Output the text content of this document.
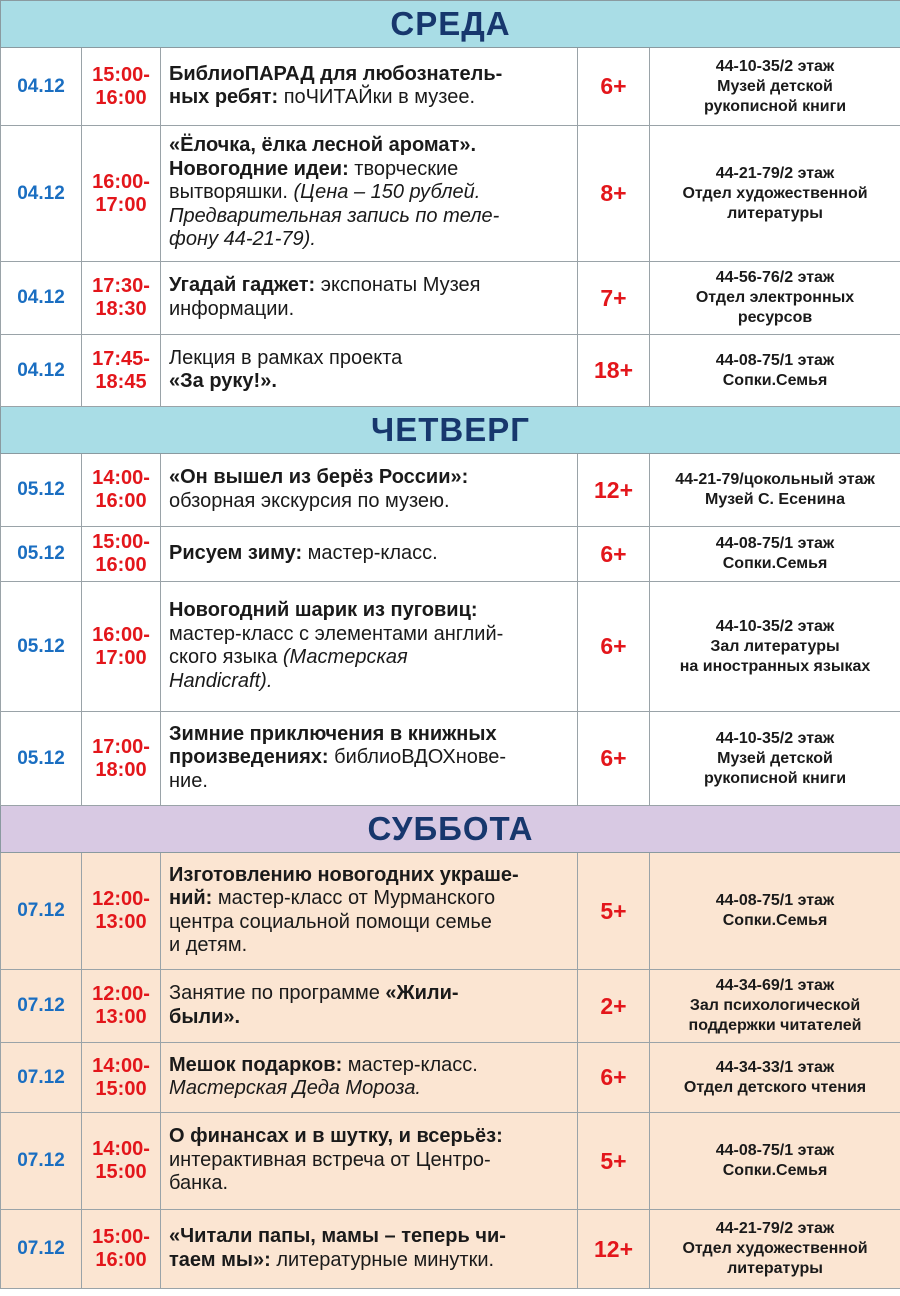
СРЕДА				
04.12	15:00-
16:00	БиблиоПАРАД для любознатель-
ных ребят: поЧИТАЙки в музее.	6+	44-10-35/2 этаж
Музей детской
рукописной книги

04.12	16:00-
17:00	«Ёлочка, ёлка лесной аромат».
Новогодние идеи: творческие
вытворяшки. (Цена – 150 рублей.
Предварительная запись по теле-
фону 44-21-79).	8+	44-21-79/2 этаж
Отдел художественной
литературы

04.12	17:30-
18:30	Угадай гаджет: экспонаты Музея
информации.	7+	44-56-76/2 этаж
Отдел электронных
ресурсов

04.12	17:45-
18:45	Лекция в рамках проекта
«За руку!».	18+	44-08-75/1 этаж
Сопки.Семья

ЧЕТВЕРГ				
05.12	14:00-
16:00	«Он вышел из берёз России»:
обзорная экскурсия по музею.	12+	44-21-79/цокольный этаж
Музей С. Есенина

05.12	15:00-
16:00	Рисуем зиму: мастер-класс.	6+	44-08-75/1 этаж
Сопки.Семья

05.12	16:00-
17:00	Новогодний шарик из пуговиц:
мастер-класс с элементами англий-
ского языка (Мастерская
Handicraft).	6+	44-10-35/2 этаж
Зал литературы
на иностранных языках

05.12	17:00-
18:00	Зимние приключения в книжных
произведениях: библиоВДОХнове-
ние.	6+	44-10-35/2 этаж
Музей детской
рукописной книги

СУББОТА				
07.12	12:00-
13:00	Изготовлению новогодних украше-
ний: мастер-класс от Мурманского
центра социальной помощи семье
и детям.	5+	44-08-75/1 этаж
Сопки.Семья

07.12	12:00-
13:00	Занятие по программе «Жили-
были».	2+	44-34-69/1 этаж
Зал психологической
поддержки читателей

07.12	14:00-
15:00	Мешок подарков: мастер-класс.
Мастерская Деда Мороза.	6+	44-34-33/1 этаж
Отдел детского чтения

07.12	14:00-
15:00	О финансах и в шутку, и всерьёз:
интерактивная встреча от Центро-
банка.	5+	44-08-75/1 этаж
Сопки.Семья

07.12	15:00-
16:00	«Читали папы, мамы – теперь чи-
таем мы»: литературные минутки.	12+	44-21-79/2 этаж
Отдел художественной
литературы
